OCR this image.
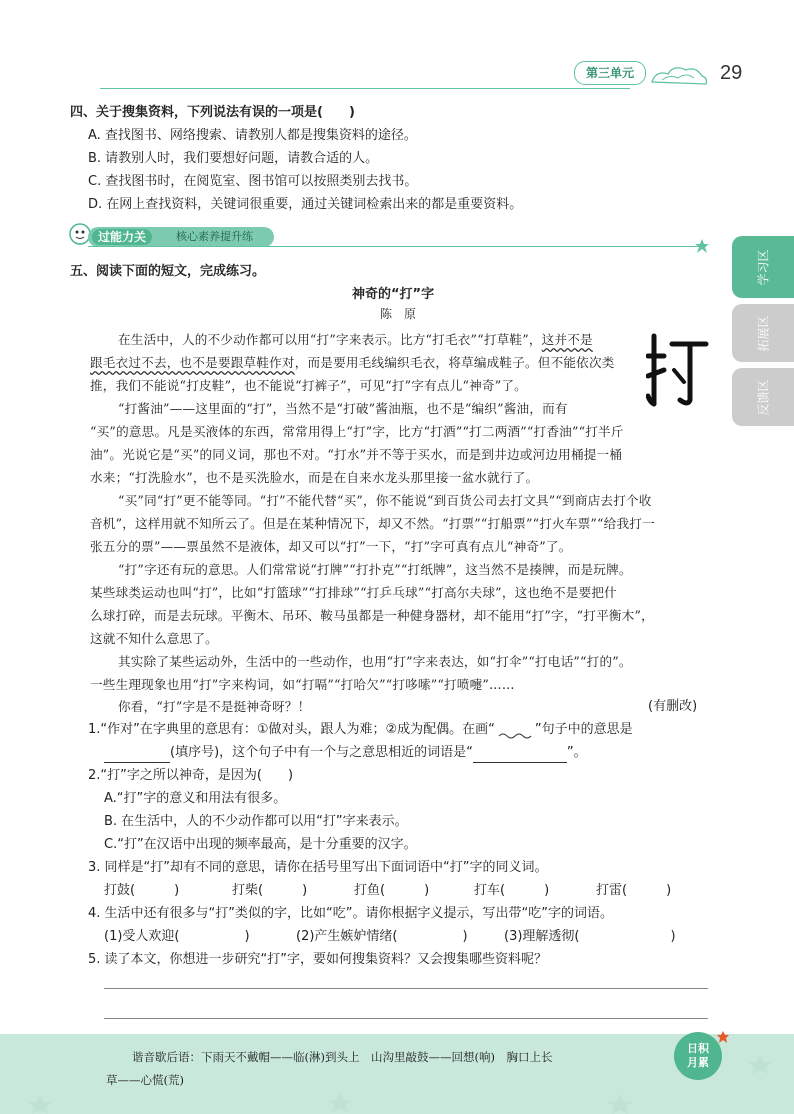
第三单元	29
学习区
拓展区
反馈区
四、关于搜集资料，下列说法有误的一项是(　　)
A. 查找图书、网络搜索、请教别人都是搜集资料的途径。
B. 请教别人时，我们要想好问题，请教合适的人。
C. 查找图书时，在阅览室、图书馆可以按照类别去找书。
D. 在网上查找资料，关键词很重要，通过关键词检索出来的都是重要资料。
过能力关	核心素养提升练
五、阅读下面的短文，完成练习。
神奇的“打”字
陈　原
在生活中，人的不少动作都可以用“打”字来表示。比方“打毛衣”“打草鞋”，这并不是
跟毛衣过不去，也不是要跟草鞋作对，而是要用毛线编织毛衣，将草编成鞋子。但不能依次类
推，我们不能说“打皮鞋”，也不能说“打裤子”，可见“打”字有点儿“神奇”了。
“打酱油”——这里面的“打”，当然不是“打破”酱油瓶，也不是“编织”酱油，而有
“买”的意思。凡是买液体的东西，常常用得上“打”字，比方“打酒”“打二两酒”“打香油”“打半斤
油”。光说它是“买”的同义词，那也不对。“打水”并不等于买水，而是到井边或河边用桶提一桶
水来；“打洗脸水”，也不是买洗脸水，而是在自来水龙头那里接一盆水就行了。
“买”同“打”更不能等同。“打”不能代替“买”，你不能说“到百货公司去打文具”“到商店去打个收
音机”，这样用就不知所云了。但是在某种情况下，却又不然。“打票”“打船票”“打火车票”“给我打一
张五分的票”——票虽然不是液体，却又可以“打”一下，“打”字可真有点儿“神奇”了。
“打”字还有玩的意思。人们常常说“打牌”“打扑克”“打纸牌”，这当然不是揍牌，而是玩牌。
某些球类运动也叫“打”，比如“打篮球”“打排球”“打乒乓球”“打高尔夫球”，这也绝不是要把什
么球打碎，而是去玩球。平衡木、吊环、鞍马虽都是一种健身器材，却不能用“打”字，“打平衡木”，
这就不知什么意思了。
其实除了某些运动外，生活中的一些动作，也用“打”字来表达，如“打伞”“打电话”“打的”。
一些生理现象也用“打”字来构词，如“打嗝”“打哈欠”“打哆嗦”“打喷嚏”……
你看，“打”字是不是挺神奇呀？！	(有删改)
1.“作对”在字典里的意思有：①做对头，跟人为难；②成为配偶。在画“	”句子中的意思是
(填序号)，这个句子中有一个与之意思相近的词语是“	”。
2.“打”字之所以神奇，是因为(　　)
A.“打”字的意义和用法有很多。
B. 在生活中，人的不少动作都可以用“打”字来表示。
C.“打”在汉语中出现的频率最高，是十分重要的汉字。
3. 同样是“打”却有不同的意思，请你在括号里写出下面词语中“打”字的同义词。
打鼓(　　　)	打柴(　　　)	打鱼(　　　)	打车(　　　)	打雷(　　　)
4. 生活中还有很多与“打”类似的字，比如“吃”。请你根据字义提示，写出带“吃”字的词语。
(1)受人欢迎(　　　　　)	(2)产生嫉妒情绪(　　　　　)	(3)理解透彻(　　　　　　　)
5. 读了本文，你想进一步研究“打”字，要如何搜集资料？又会搜集哪些资料呢？
谐音歇后语：下雨天不戴帽——临(淋)到头上　山沟里敲鼓——回想(响)　胸口上长
草——心慌(荒)
日积
月累
